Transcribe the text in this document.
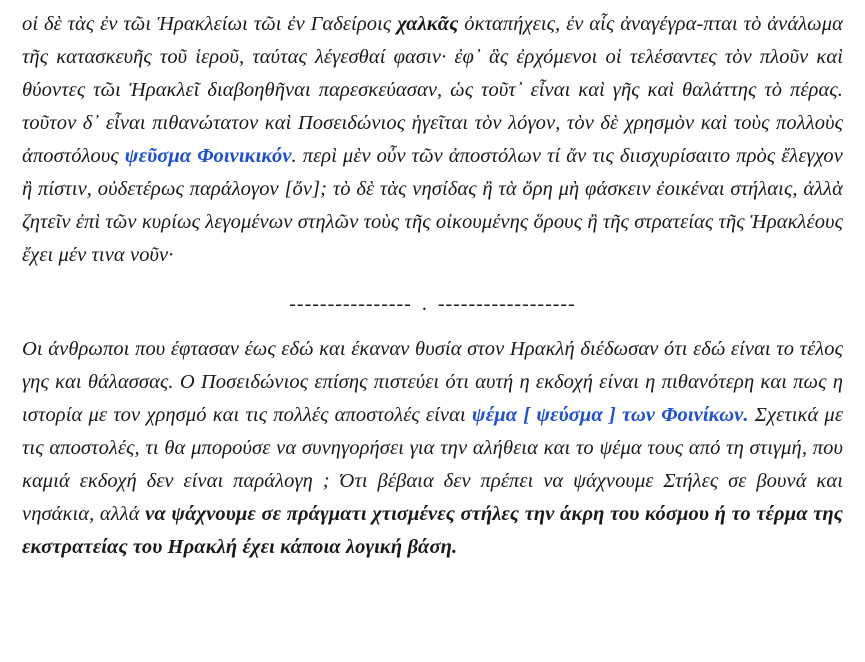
οἱ δὲ τὰς ἐν τῶι Ἡρακλείωι τῶι ἐν Γαδείροις χαλκᾶς ὀκταπήχεις, ἐν αἷς ἀναγέγρα-πται τὸ ἀνάλωμα τῆς κατασκευῆς τοῦ ἱεροῦ, ταύτας λέγεσθαί φασιν· ἐφ᾽ ἃς ἐρχόμενοι οἱ τελέσαντες τὸν πλοῦν καὶ θύοντες τῶι Ἡρακλεῖ διαβοηθῆναι παρεσκεύασαν, ὡς τοῦτ᾽ εἶναι καὶ γῆς καὶ θαλάττης τὸ πέρας. τοῦτον δ᾽ εἶναι πιθανώτατον καὶ Ποσειδώνιος ἡγεῖται τὸν λόγον, τὸν δὲ χρησμὸν καὶ τοὺς πολλοὺς ἀποστόλους ψεῦσμα Φοινικικόν. περὶ μὲν οὖν τῶν ἀποστόλων τί ἄν τις διισχυρίσαιτο πρὸς ἔλεγχον ἢ πίστιν, οὐδετέρως παράλογον [ὄν]; τὸ δὲ τὰς νησίδας ἢ τὰ ὄρη μὴ φάσκειν ἐοικέναι στήλαις, ἀλλὰ ζητεῖν ἐπὶ τῶν κυρίως λεγομένων στηλῶν τοὺς τῆς οἰκουμένης ὅρους ἢ τῆς στρατείας τῆς Ἡρακλέους ἔχει μέν τινα νοῦν·

---------------- . ------------------

Οι άνθρωποι που έφτασαν έως εδώ και έκαναν θυσία στον Ηρακλή διέδωσαν ότι εδώ είναι το τέλος γης και θάλασσας. Ο Ποσειδώνιος επίσης πιστεύει ότι αυτή η εκδοχή είναι η πιθανότερη και πως η ιστορία με τον χρησμό και τις πολλές αποστολές είναι ψέμα [ ψεύσμα ] των Φοινίκων. Σχετικά με τις αποστολές, τι θα μπορούσε να συνηγορήσει για την αλήθεια και το ψέμα τους από τη στιγμή, που καμιά εκδοχή δεν είναι παράλογη ; Ότι βέβαια δεν πρέπει να ψάχνουμε Στήλες σε βουνά και νησάκια, αλλά να ψάχνουμε σε πράγματι χτισμένες στήλες την άκρη του κόσμου ή το τέρμα της εκστρατείας του Ηρακλή έχει κάποια λογική βάση.
